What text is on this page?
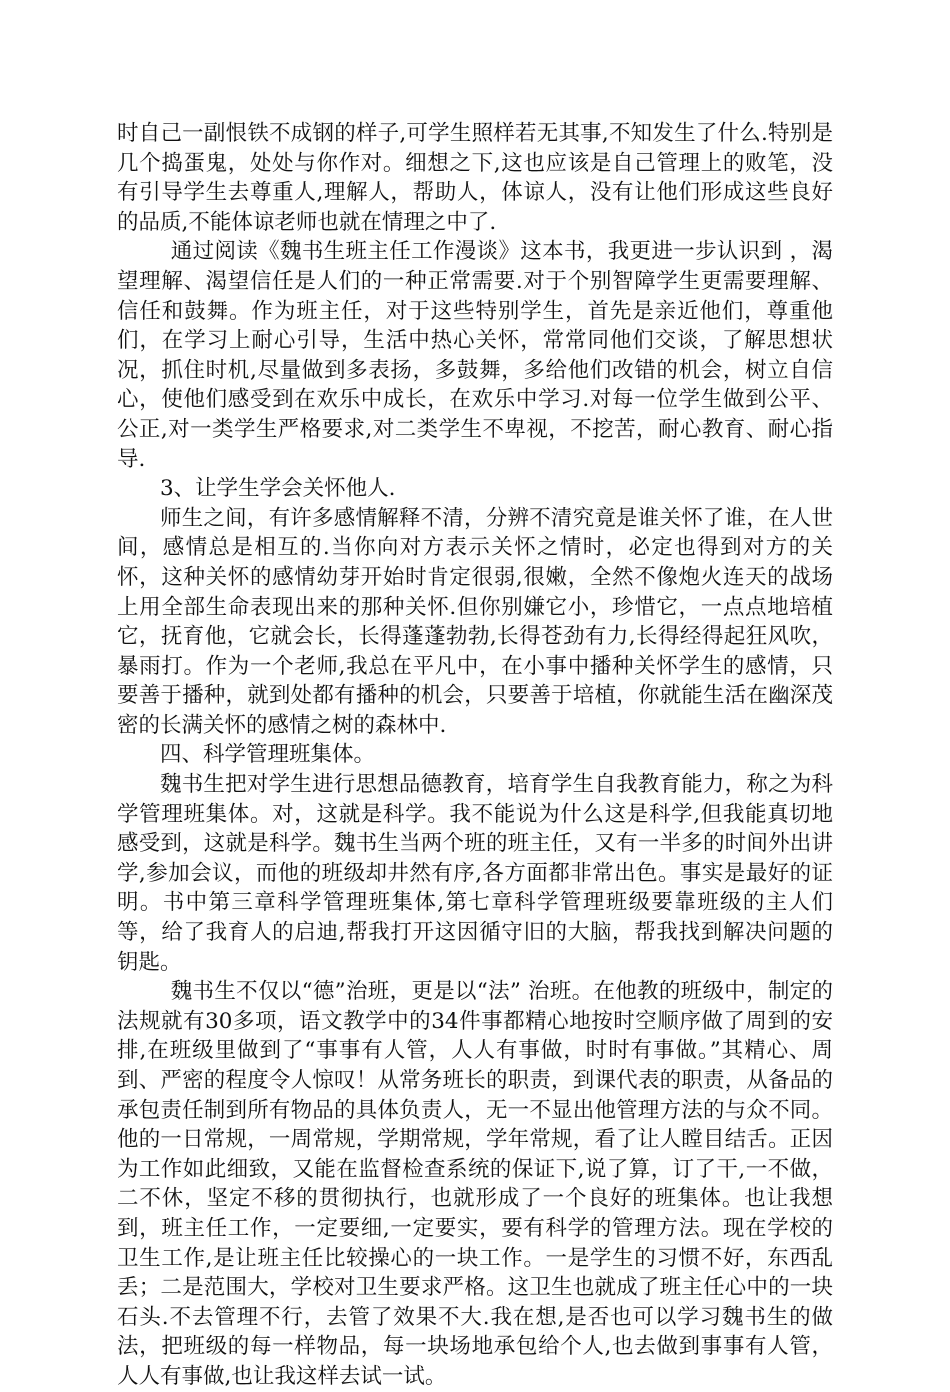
时自己一副恨铁不成钢的样子,可学生照样若无其事,不知发生了什么.特别是几个捣蛋鬼，处处与你作对。细想之下,这也应该是自己管理上的败笔，没有引导学生去尊重人,理解人，帮助人，体谅人，没有让他们形成这些良好的品质,不能体谅老师也就在情理之中了.

通过阅读《魏书生班主任工作漫谈》这本书，我更进一步认识到 ，渴望理解、渴望信任是人们的一种正常需要.对于个别智障学生更需要理解、信任和鼓舞。作为班主任，对于这些特别学生，首先是亲近他们，尊重他们，在学习上耐心引导，生活中热心关怀，常常同他们交谈，了解思想状况，抓住时机,尽量做到多表扬，多鼓舞，多给他们改错的机会，树立自信心，使他们感受到在欢乐中成长，在欢乐中学习.对每一位学生做到公平、公正,对一类学生严格要求,对二类学生不卑视，不挖苦，耐心教育、耐心指导.

3、让学生学会关怀他人.

师生之间，有许多感情解释不清，分辨不清究竟是谁关怀了谁，在人世间，感情总是相互的.当你向对方表示关怀之情时，必定也得到对方的关怀，这种关怀的感情幼芽开始时肯定很弱,很嫩，全然不像炮火连天的战场上用全部生命表现出来的那种关怀.但你别嫌它小，珍惜它，一点点地培植它，抚育他，它就会长，长得蓬蓬勃勃,长得苍劲有力,长得经得起狂风吹，暴雨打。作为一个老师,我总在平凡中，在小事中播种关怀学生的感情，只要善于播种，就到处都有播种的机会，只要善于培植，你就能生活在幽深茂密的长满关怀的感情之树的森林中.

四、科学管理班集体。

魏书生把对学生进行思想品德教育，培育学生自我教育能力，称之为科学管理班集体。对，这就是科学。我不能说为什么这是科学,但我能真切地感受到，这就是科学。魏书生当两个班的班主任，又有一半多的时间外出讲学,参加会议，而他的班级却井然有序,各方面都非常出色。事实是最好的证明。书中第三章科学管理班集体,第七章科学管理班级要靠班级的主人们等，给了我育人的启迪,帮我打开这因循守旧的大脑，帮我找到解决问题的钥匙。

魏书生不仅以“德”治班，更是以“法” 治班。在他教的班级中，制定的法规就有30多项，语文教学中的34件事都精心地按时空顺序做了周到的安排,在班级里做到了“事事有人管，人人有事做，时时有事做。”其精心、周到、严密的程度令人惊叹！从常务班长的职责，到课代表的职责，从备品的承包责任制到所有物品的具体负责人，无一不显出他管理方法的与众不同。他的一日常规，一周常规，学期常规，学年常规，看了让人瞠目结舌。正因为工作如此细致，又能在监督检查系统的保证下,说了算，订了干,一不做，二不休，坚定不移的贯彻执行，也就形成了一个良好的班集体。也让我想到，班主任工作，一定要细,一定要实，要有科学的管理方法。现在学校的卫生工作,是让班主任比较操心的一块工作。一是学生的习惯不好，东西乱丢；二是范围大，学校对卫生要求严格。这卫生也就成了班主任心中的一块石头.不去管理不行，去管了效果不大.我在想,是否也可以学习魏书生的做法，把班级的每一样物品，每一块场地承包给个人,也去做到事事有人管，人人有事做,也让我这样去试一试。
